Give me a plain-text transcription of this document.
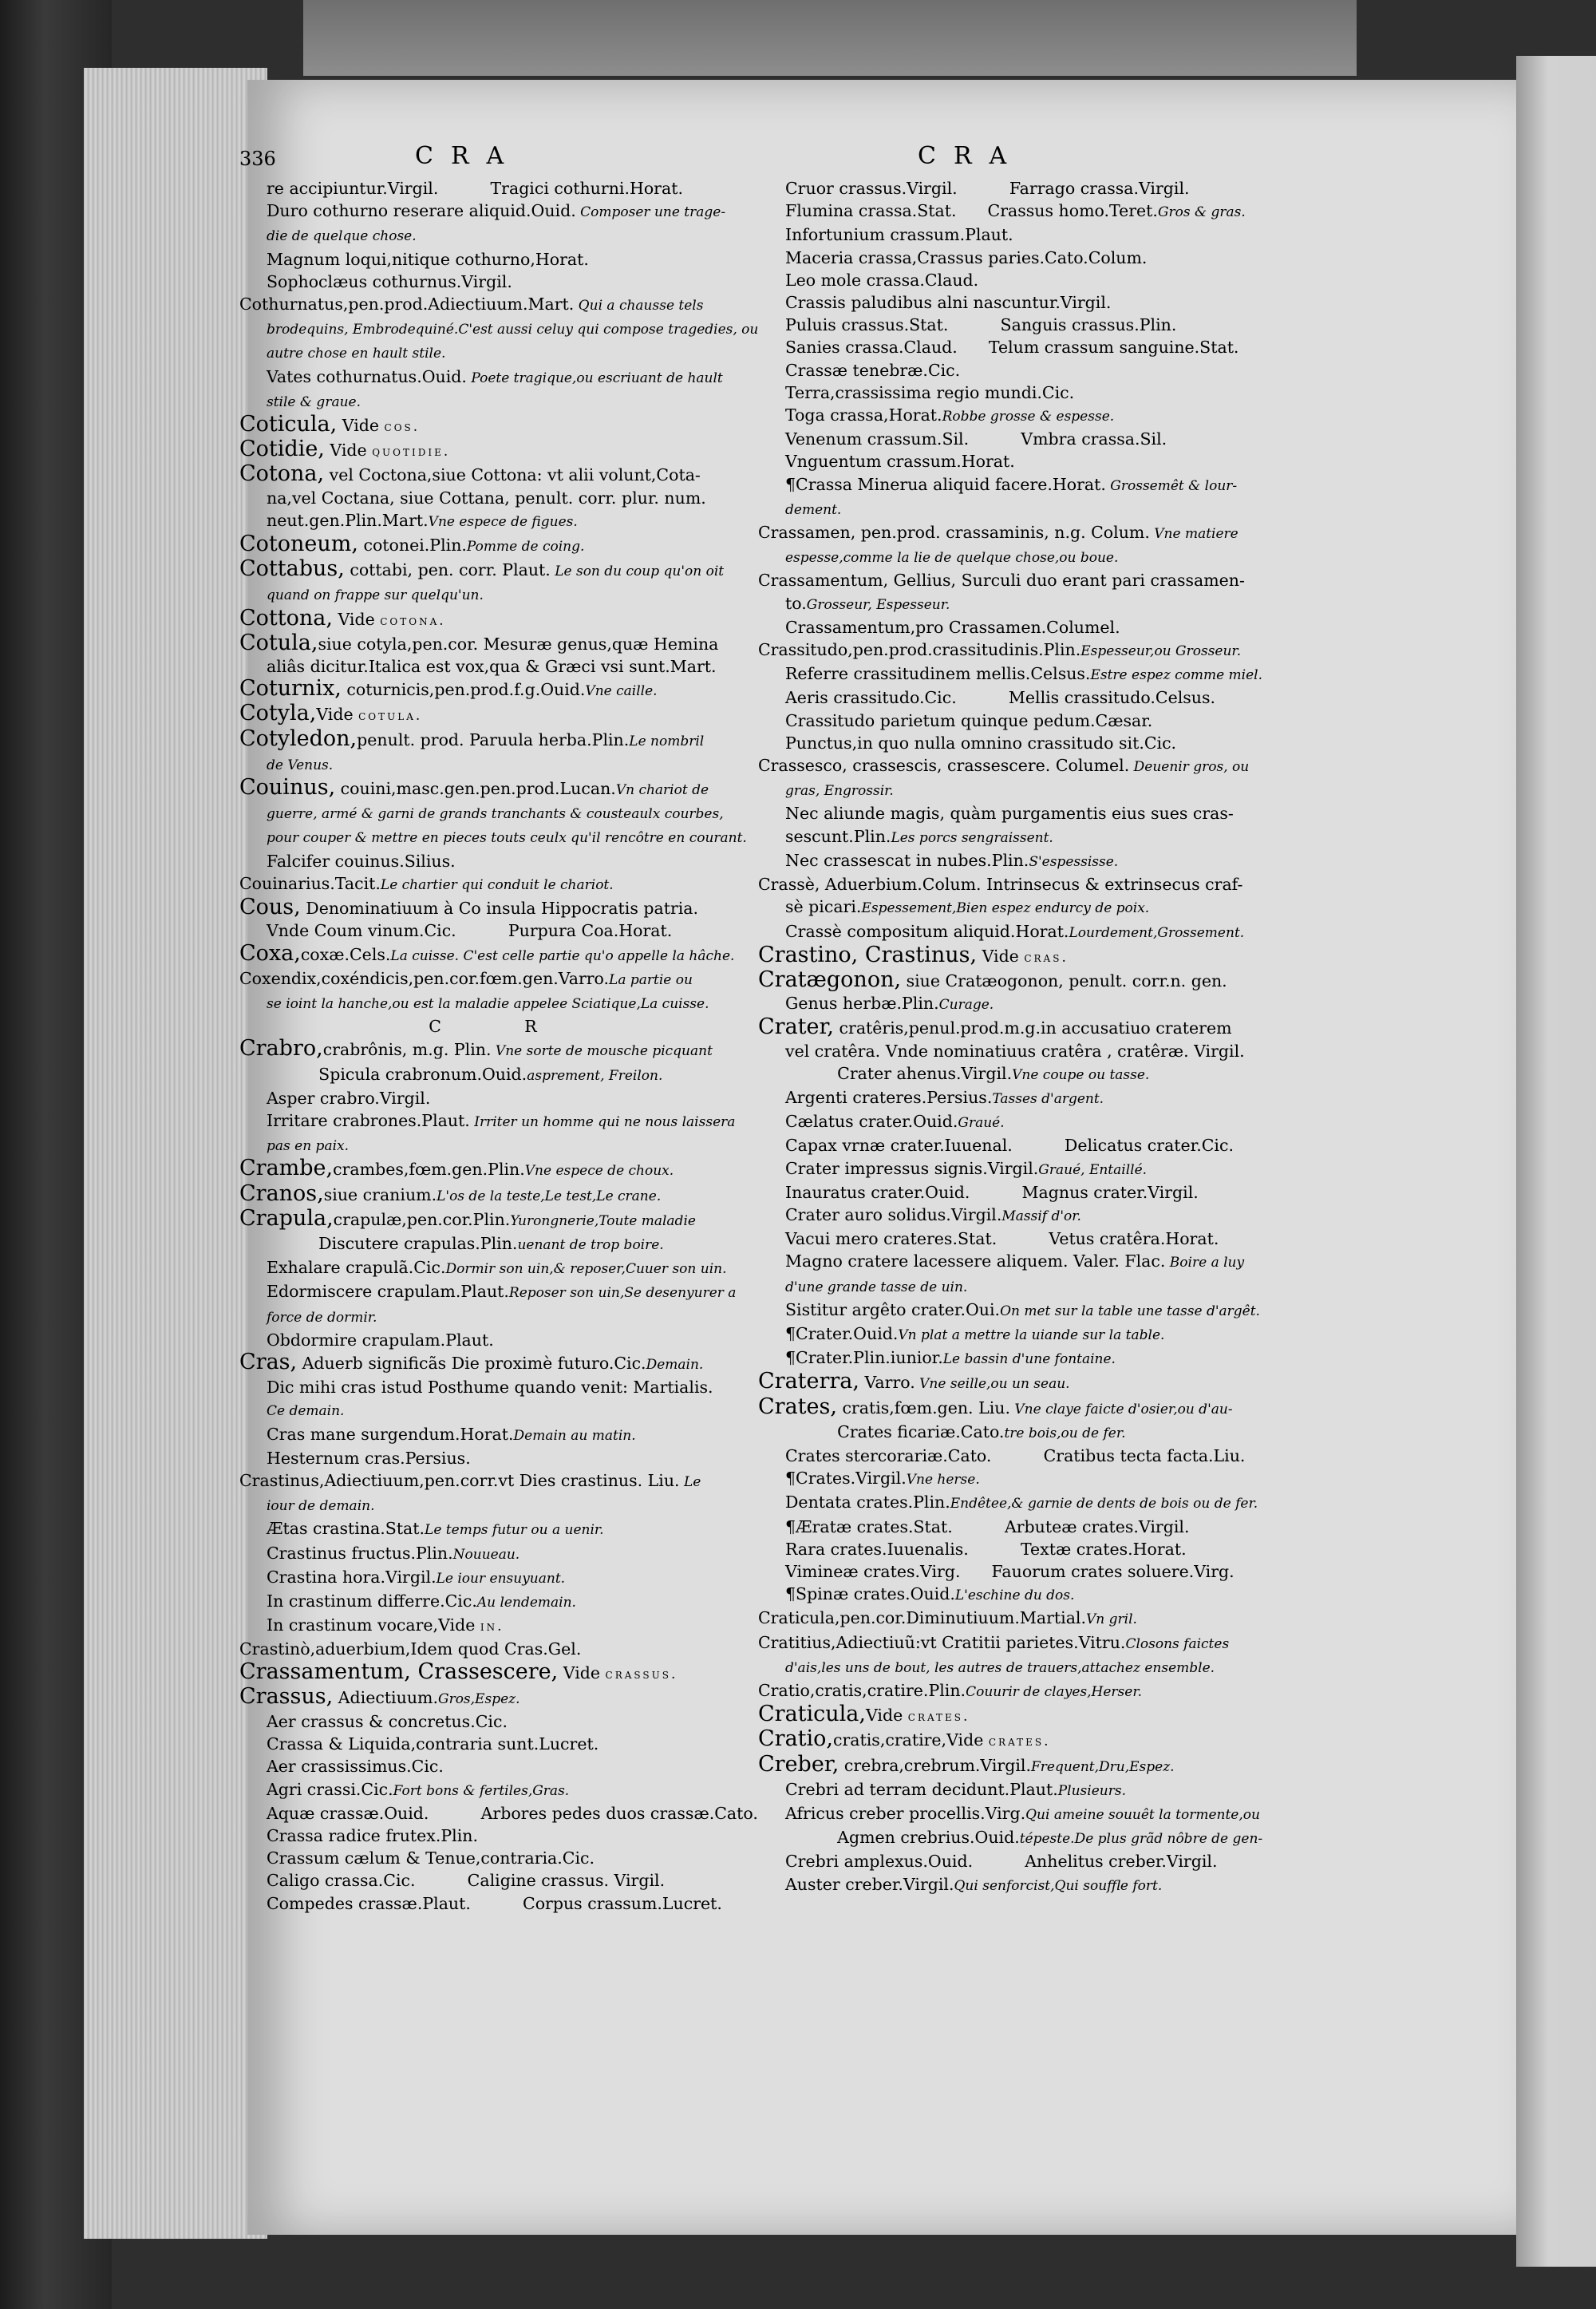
336	CRA	CRA
re accipiuntur.Virgil.          Tragici cothurni.Horat.
Duro cothurno reserare aliquid.Ouid. Composer une trage-
die de quelque chose.
Magnum loqui,nitique cothurno,Horat.
Sophoclæus cothurnus.Virgil.
Cothurnatus,pen.prod.Adiectiuum.Mart. Qui a chausse tels
brodequins, Embrodequiné.C'est aussi celuy qui compose tragedies, ou
autre chose en hault stile.
Vates cothurnatus.Ouid. Poete tragique,ou escriuant de hault
stile & graue.
Coticula, Vide cos.
Cotidie, Vide quotidie.
Cotona, vel Coctona,siue Cottona: vt alii volunt,Cota-
na,vel Coctana, siue Cottana, penult. corr. plur. num.
neut.gen.Plin.Mart.Vne espece de figues.
Cotoneum, cotonei.Plin.Pomme de coing.
Cottabus, cottabi, pen. corr. Plaut. Le son du coup qu'on oit
quand on frappe sur quelqu'un.
Cottona, Vide cotona.
Cotula,siue cotyla,pen.cor. Mesuræ genus,quæ Hemina
aliâs dicitur.Italica est vox,qua & Græci vsi sunt.Mart.
Coturnix, coturnicis,pen.prod.f.g.Ouid.Vne caille.
Cotyla,Vide cotula.
Cotyledon,penult. prod. Paruula herba.Plin.Le nombril
de Venus.
Couinus, couini,masc.gen.pen.prod.Lucan.Vn chariot de
guerre, armé & garni de grands tranchants & cousteaulx courbes,
pour couper & mettre en pieces touts ceulx qu'il rencôtre en courant.
Falcifer couinus.Silius.
Couinarius.Tacit.Le chartier qui conduit le chariot.
Cous, Denominatiuum à Co insula Hippocratis patria.
Vnde Coum vinum.Cic.          Purpura Coa.Horat.
Coxa,coxæ.Cels.La cuisse. C'est celle partie qu'o appelle la hâche.
Coxendix,coxéndicis,pen.cor.fœm.gen.Varro.La partie ou
se ioint la hanche,ou est la maladie appelee Sciatique,La cuisse.
C                R
Crabro,crabrônis, m.g. Plin. Vne sorte de mousche picquant
Spicula crabronum.Ouid.asprement, Freilon.
Asper crabro.Virgil.
Irritare crabrones.Plaut. Irriter un homme qui ne nous laissera
pas en paix.
Crambe,crambes,fœm.gen.Plin.Vne espece de choux.
Cranos,siue cranium.L'os de la teste,Le test,Le crane.
Crapula,crapulæ,pen.cor.Plin.Yurongnerie,Toute maladie
Discutere crapulas.Plin.uenant de trop boire.
Exhalare crapulã.Cic.Dormir son uin,& reposer,Cuuer son uin.
Edormiscere crapulam.Plaut.Reposer son uin,Se desenyurer a
force de dormir.
Obdormire crapulam.Plaut.
Cras, Aduerb significãs Die proximè futuro.Cic.Demain.
Dic mihi cras istud Posthume quando venit: Martialis.
Ce demain.
Cras mane surgendum.Horat.Demain au matin.
Hesternum cras.Persius.
Crastinus,Adiectiuum,pen.corr.vt Dies crastinus. Liu. Le
iour de demain.
Ætas crastina.Stat.Le temps futur ou a uenir.
Crastinus fructus.Plin.Nouueau.
Crastina hora.Virgil.Le iour ensuyuant.
In crastinum differre.Cic.Au lendemain.
In crastinum vocare,Vide in.
Crastinò,aduerbium,Idem quod Cras.Gel.
Crassamentum, Crassescere, Vide crassus.
Crassus, Adiectiuum.Gros,Espez.
Aer crassus & concretus.Cic.
Crassa & Liquida,contraria sunt.Lucret.
Aer crassissimus.Cic.
Agri crassi.Cic.Fort bons & fertiles,Gras.
Aquæ crassæ.Ouid.          Arbores pedes duos crassæ.Cato.
Crassa radice frutex.Plin.
Crassum cælum & Tenue,contraria.Cic.
Caligo crassa.Cic.          Caligine crassus. Virgil.
Compedes crassæ.Plaut.          Corpus crassum.Lucret.
Cruor crassus.Virgil.          Farrago crassa.Virgil.
Flumina crassa.Stat.      Crassus homo.Teret.Gros & gras.
Infortunium crassum.Plaut.
Maceria crassa,Crassus paries.Cato.Colum.
Leo mole crassa.Claud.
Crassis paludibus alni nascuntur.Virgil.
Puluis crassus.Stat.          Sanguis crassus.Plin.
Sanies crassa.Claud.      Telum crassum sanguine.Stat.
Crassæ tenebræ.Cic.
Terra,crassissima regio mundi.Cic.
Toga crassa,Horat.Robbe grosse & espesse.
Venenum crassum.Sil.          Vmbra crassa.Sil.
Vnguentum crassum.Horat.
¶Crassa Minerua aliquid facere.Horat. Grossemêt & lour-
dement.
Crassamen, pen.prod. crassaminis, n.g. Colum. Vne matiere
espesse,comme la lie de quelque chose,ou boue.
Crassamentum, Gellius, Surculi duo erant pari crassamen-
to.Grosseur, Espesseur.
Crassamentum,pro Crassamen.Columel.
Crassitudo,pen.prod.crassitudinis.Plin.Espesseur,ou Grosseur.
Referre crassitudinem mellis.Celsus.Estre espez comme miel.
Aeris crassitudo.Cic.          Mellis crassitudo.Celsus.
Crassitudo parietum quinque pedum.Cæsar.
Punctus,in quo nulla omnino crassitudo sit.Cic.
Crassesco, crassescis, crassescere. Columel. Deuenir gros, ou
gras, Engrossir.
Nec aliunde magis, quàm purgamentis eius sues cras-
sescunt.Plin.Les porcs sengraissent.
Nec crassescat in nubes.Plin.S'espessisse.
Crassè, Aduerbium.Colum. Intrinsecus & extrinsecus craf-
sè picari.Espessement,Bien espez endurcy de poix.
Crassè compositum aliquid.Horat.Lourdement,Grossement.
Crastino, Crastinus, Vide cras.
Cratægonon, siue Cratæogonon, penult. corr.n. gen.
Genus herbæ.Plin.Curage.
Crater, cratêris,penul.prod.m.g.in accusatiuo craterem
vel cratêra. Vnde nominatiuus cratêra , cratêræ. Virgil.
Crater ahenus.Virgil.Vne coupe ou tasse.
Argenti crateres.Persius.Tasses d'argent.
Cælatus crater.Ouid.Graué.
Capax vrnæ crater.Iuuenal.          Delicatus crater.Cic.
Crater impressus signis.Virgil.Graué, Entaillé.
Inauratus crater.Ouid.          Magnus crater.Virgil.
Crater auro solidus.Virgil.Massif d'or.
Vacui mero crateres.Stat.          Vetus cratêra.Horat.
Magno cratere lacessere aliquem. Valer. Flac. Boire a luy
d'une grande tasse de uin.
Sistitur argêto crater.Oui.On met sur la table une tasse d'argêt.
¶Crater.Ouid.Vn plat a mettre la uiande sur la table.
¶Crater.Plin.iunior.Le bassin d'une fontaine.
Craterra, Varro. Vne seille,ou un seau.
Crates, cratis,fœm.gen. Liu. Vne claye faicte d'osier,ou d'au-
Crates ficariæ.Cato.tre bois,ou de fer.
Crates stercorariæ.Cato.          Cratibus tecta facta.Liu.
¶Crates.Virgil.Vne herse.
Dentata crates.Plin.Endêtee,& garnie de dents de bois ou de fer.
¶Æratæ crates.Stat.          Arbuteæ crates.Virgil.
Rara crates.Iuuenalis.          Textæ crates.Horat.
Vimineæ crates.Virg.      Fauorum crates soluere.Virg.
¶Spinæ crates.Ouid.L'eschine du dos.
Craticula,pen.cor.Diminutiuum.Martial.Vn gril.
Cratitius,Adiectiuũ:vt Cratitii parietes.Vitru.Closons faictes
d'ais,les uns de bout, les autres de trauers,attachez ensemble.
Cratio,cratis,cratire.Plin.Couurir de clayes,Herser.
Craticula,Vide crates.
Cratio,cratis,cratire,Vide crates.
Creber, crebra,crebrum.Virgil.Frequent,Dru,Espez.
Crebri ad terram decidunt.Plaut.Plusieurs.
Africus creber procellis.Virg.Qui ameine souuêt la tormente,ou
Agmen crebrius.Ouid.tépeste.De plus grãd nôbre de gen-
Crebri amplexus.Ouid.          Anhelitus creber.Virgil.
Auster creber.Virgil.Qui senforcist,Qui souffle fort.
